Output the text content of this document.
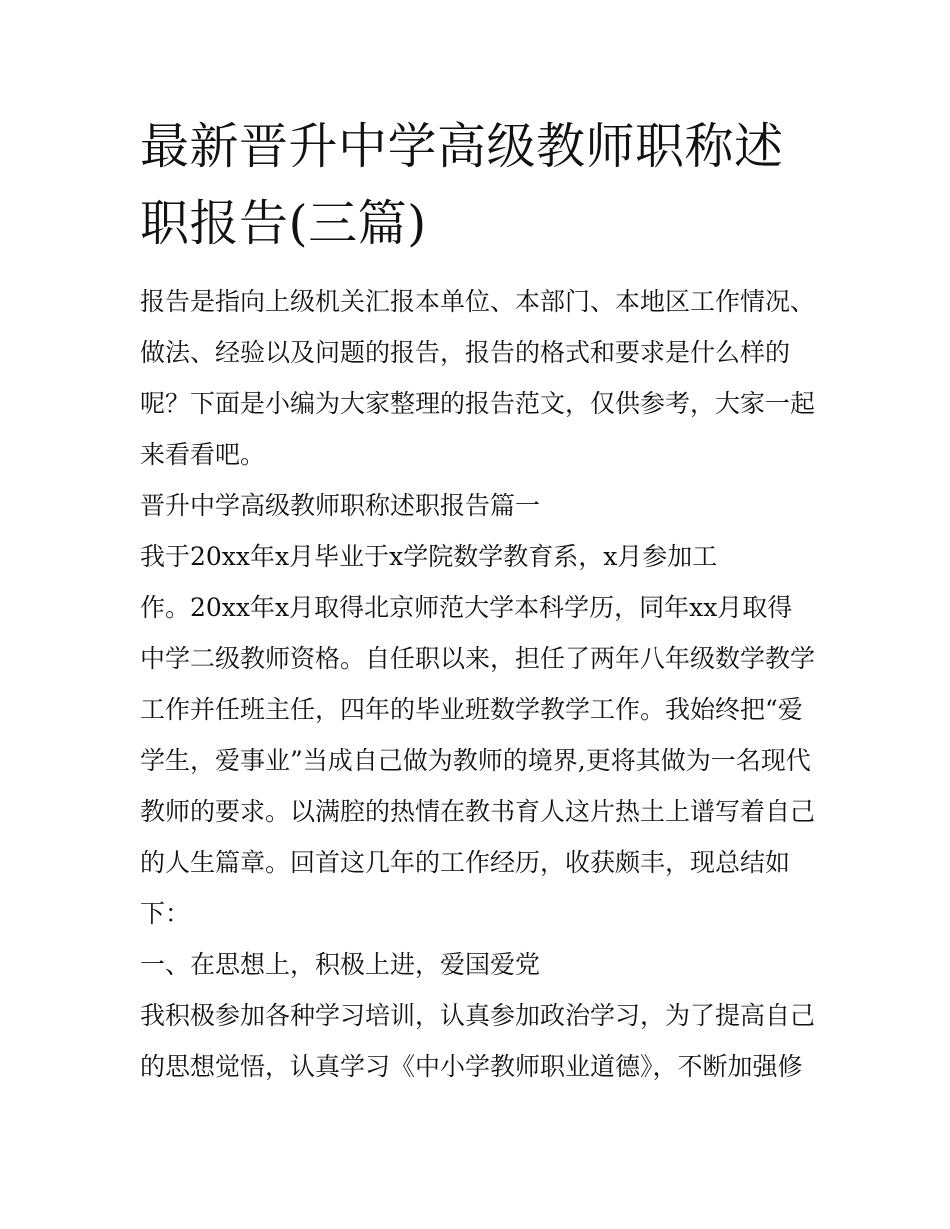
最新晋升中学高级教师职称述
职报告(三篇)
报告是指向上级机关汇报本单位、本部门、本地区工作情况、
做法、经验以及问题的报告，报告的格式和要求是什么样的
呢？下面是小编为大家整理的报告范文，仅供参考，大家一起
来看看吧。
晋升中学高级教师职称述职报告篇一
我于20xx年x月毕业于x学院数学教育系，x月参加工
作。20xx年x月取得北京师范大学本科学历，同年xx月取得
中学二级教师资格。自任职以来，担任了两年八年级数学教学
工作并任班主任，四年的毕业班数学教学工作。我始终把“爱
学生，爱事业”当成自己做为教师的境界,更将其做为一名现代
教师的要求。以满腔的热情在教书育人这片热土上谱写着自己
的人生篇章。回首这几年的工作经历，收获颇丰，现总结如
下：
一、在思想上，积极上进，爱国爱党
我积极参加各种学习培训，认真参加政治学习，为了提高自己
的思想觉悟，认真学习《中小学教师职业道德》，不断加强修
